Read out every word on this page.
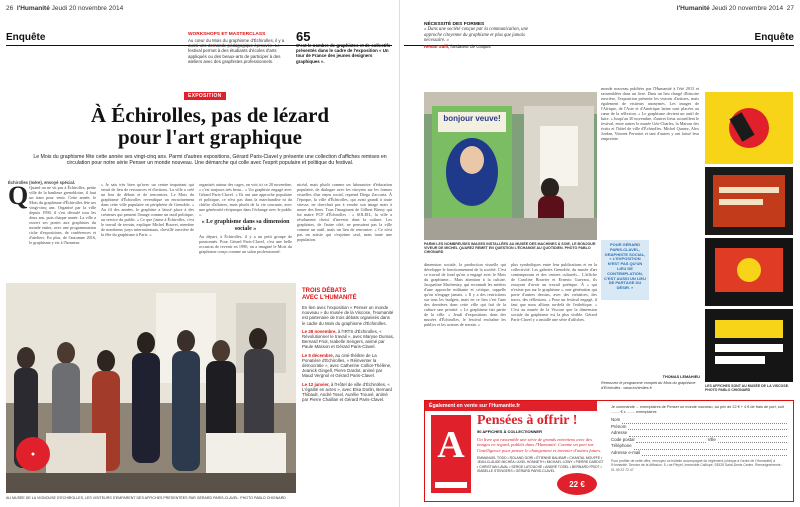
26 l'Humanité Jeudi 20 novembre 2014
Enquête	WORKSHOPS ET MASTERCLASS
Au cœur du Mois du graphisme d'Échirolles, il y a aussi une demande pédagogique éprouvée. Le festival permet à des étudiants d'écoles d'arts appliqués ou des beaux-arts de participer à des ateliers avec des graphistes professionnels.
65
C'est le nombre de graphistes et de collectifs présentés dans le cadre de l'exposition « Un tour de France des jeunes designers graphiques ».
EXPOSITION
À Échirolles, pas de lézard
pour l'art graphique
Le Mois du graphisme fête cette année ses vingt-cinq ans. Parmi d'autres expositions, Gérard Paris-Clavel y présente une collection d'affiches remises en circulation pour notre série Penser un monde nouveau. Une démarche qui colle avec l'esprit populaire et politique du festival.
Échirolles (Isère), envoyé spécial.
Q Quand on ne vit pas à Échirolles, petite ville de la banlieue grenobloise, il faut un tram pour venir. Cette année, le Mois du graphisme d'Échirolles fête ses vingt-cinq ans. Organisé par la ville depuis 1990, il s'est déroulé tous les deux ans, puis chaque année. La ville a ouvert ses portes aux graphistes du monde entier, avec une programmation riche d'expositions, de conférences et d'ateliers. En plus, de l'automne 2016, le graphisme y est à l'honneur.
« Je sais très bien qu'avec un centre important qui serait de lieu de ressources et d'actions. La ville a créé un lieu de débats et de rencontres. Le Mois du graphisme d'Échirolles revendique un enracinement dans cette ville populaire en périphérie de Grenoble. » Au fil des années, le graphiste a laissé place à des créateurs qui pensent l'image comme un outil politique, au service du public. « Ce que j'aime à Échirolles, c'est le travail de terrain, explique Michel Bouvet, membre de nombreux jurys internationaux, chevillé ouvrière de la fête du graphisme à Paris. »
organisés autour des cages, on voit ici ce 20 novembre, « c'est toujours très beau... » Un graphiste engagé avec Gérard Paris-Clavel. « Ils ont une approche populaire et politique, ce n'est pas dans la marchandise ni du chiffre d'affaires, mais plutôt de la vie courante, avec une générosité réciproque dans l'échange avec le public ».
« Le graphisme dans sa dimension sociale »
Au départ, à Échirolles, il y a un petit groupe de passionnés. Pour Gérard Paris-Clavel, c'est une belle occasion de revenir en 1990, on a imaginé le Mois du graphisme conçu comme un salon professionnel.
nicéal, mais plutôt comme un laboratoire d'éducation populaire, de dialogue avec les citoyens sur les formes visuelles d'un enjeu social, reprend Diego Zaccaria. À l'époque, la ville d'Échirolles, qui avait grandi à toute vitesse, ne cherchait pas à vendre son image mais à nouer des liens. Tous l'imaginent de Gilbert Biessy qui fut maire PCF d'Échirolles : « SOLEIL, la ville a résolument choisi d'investir dans la culture. Les graphistes, de l'autre côté, ne pensaient pas la ville comme un outil, mais un lieu de rencontre. » Ce n'est pas un artiste qui s'exprime seul, mais toute une population.
●
AU MUSÉE DE LA VIGNOUSE D'ÉCHIROLLES, LES VISITEURS S'EMPARENT DES AFFICHES PRÉSENTÉES PAR GÉRARD PARIS-CLAVEL. PHOTO PABLO CHIGNARD
TROIS DÉBATS
AVEC L'HUMANITÉ
En lien avec l'exposition « Penser un monde nouveau » du musée de la Viscose, l'Humanité est partenaire de trois débats organisés dans le cadre du Mois du graphisme d'Échirolles.
Le 28 novembre, à l'IRTS d'Échirolles, « Révolutionner le travail », avec Maryse Dumas, Bernard Friot, Isabelle Sengers, animé par Paule Masson et Gérard Paris-Clavel.
Le 5 décembre, au ciné-théâtre de La Ponatière d'Échirolles, « Réinventer la démocratie », avec Catherine Colliot-Thélène, Jeanick Gingell, Pierre Dardot, animé par Maud Vergnol et Gérard Paris-Clavel.
Le 12 janvier, à l'Hôtel de ville d'Échirolles, « L'égalité en actes », avec Elsa Dorlin, Bernard Thibault, André Tosel, Aurélie Trouvé, animé par Pierre Chaillan et Gérard Paris-Clavel.
l'Humanité Jeudi 20 novembre 2014 27
Enquête
NÉCESSITÉ DES FORMES
« Dans une société conçue par la communication, une approche citoyenne du graphisme et plus que jamais nécessaire. »
Renan Sulli, fondateur de Grapus
bonjour veuve!
PARMI LES NOMBREUSES IMAGES INSTALLÉES AU MUSÉE DES MACHINES À SOIE, LE BONJOUR VIVEUR DE MICHEL QUAREZ REMET EN QUESTION L'ÉCHANGE AU QUOTIDIEN. PHOTO PABLO CHIGNARD
dimension sociale, la production visuelle qui développe le fonctionnement de la société. C'est ce travail de fond qu'on a engagé avec le Mois du graphisme... Mais attention à la culture. Jacqueline Machenizy, qui reconnaît les mérites d'une approche militante et critique, rappelle qu'on n'engage jamais. « Il y a des restrictions sur tous les budgets, mais en ce lieu c'est l'une des dernières dans cette ville qui fait de la culture une priorité. » Le graphisme fait partie de la ville. « Jeudi d'expositions dans des musées d'Échirolles, le festival enchaîne les publics et les acteurs de terrain. »
plus symboliques entre leur publications et en la collectivité. Les galeries Grenoble, du musée d'art contemporain et des centres culturels... L'affiche de Caroline Bouvier et Ernesto Guevara, ils essayent d'avoir un travail poétique. À « qui n'existe pas sur le graphisme », une génération qui porte d'autres dessins, avec des créatrices, des tracts, des réflexions. « Pour un festival engagé, il faut que nous allions au-delà de l'esthétique. » C'est au musée de la Viscose que la dimension sociale du graphisme est la plus visible. Gérard Paris-Clavel y a installé une série d'affiches.
POUR GÉRARD PARIS-CLAVEL, GRAPHISTE SOCIAL, « L'EXPOSITION N'EST PAS QU'UN LIEU DE CONTEMPLATION, C'EST AUSSI UN LIEU DE PARTAGE DU DÉSIR. »
monde nouveau publiées par l'Humanité à l'été 2013 et rassemblées dans un livre. Dans un lieu chargé d'histoire ouvrière, l'exposition présente les visions d'artistes, mais également de visiteurs anonymes. Les images de l'Afrique, de l'Asie et d'Amérique latine sont placées au cœur de la réflexion. « Le graphisme devient un outil de lutte. » Jusqu'au 30 novembre, d'autres lieux accueillent le festival, entre autres le musée Géo-Charles, la Maison des écrits et l'hôtel de ville d'Échirolles. Michel Quarez, Alex Jordan, Vincent Perrottet et tant d'autres y ont laissé leur empreinte.
THOMAS LEMAHIEU
Retrouvez le programme complet du Mois du graphisme d'Échirolles : www.echirolles.fr
LES AFFICHES SONT AU MUSÉE DE LA VISCOSE. PHOTO PABLO CHIGNARD
Également en vente sur l'Humanite.fr
A
Pensées à offrir !
50 AFFICHES À COLLECTIONNER
Un livre qui rassemble une série de grands entretiens avec des images en regard, publiés dans l'Humanité. Comme un pari sur l'intelligence pour penser le changement et inventer d'autres futurs.
EMMANUEL TODD • ROLAND GORI • ÉTIENNE BALIBAR • CHANTAL MOUFFE • JEAN-CLAUDE MICHÉA • AXEL HONNETH • MICHAEL LÖWY • PIERRE DARDOT • CHRISTIAN LAVAL • SERGE LATOUCHE • ANDRÉ TOSEL • BERNARD FRIOT • ISABELLE STENGERS • GÉRARD PARIS-CLAVEL
22 €
Je commande ... exemplaires de Penser un monde nouveau, au prix de 22 € + 4 € de frais de port, soit ........ € x ........ exemplaires
Nom
Prénom
Adresse
Code postal	Ville
Téléphone
Adresse e-mail
Pour profiter de cette offre, renvoyez ce bulletin accompagné du règlement (chèque à l'ordre de l'Humanité) à l'Humanité, Service de la diffusion, 5, rue Pleyel, Immeuble Calliope, 93528 Saint-Denis Cedex. Renseignements : 01 49 22 72 47
